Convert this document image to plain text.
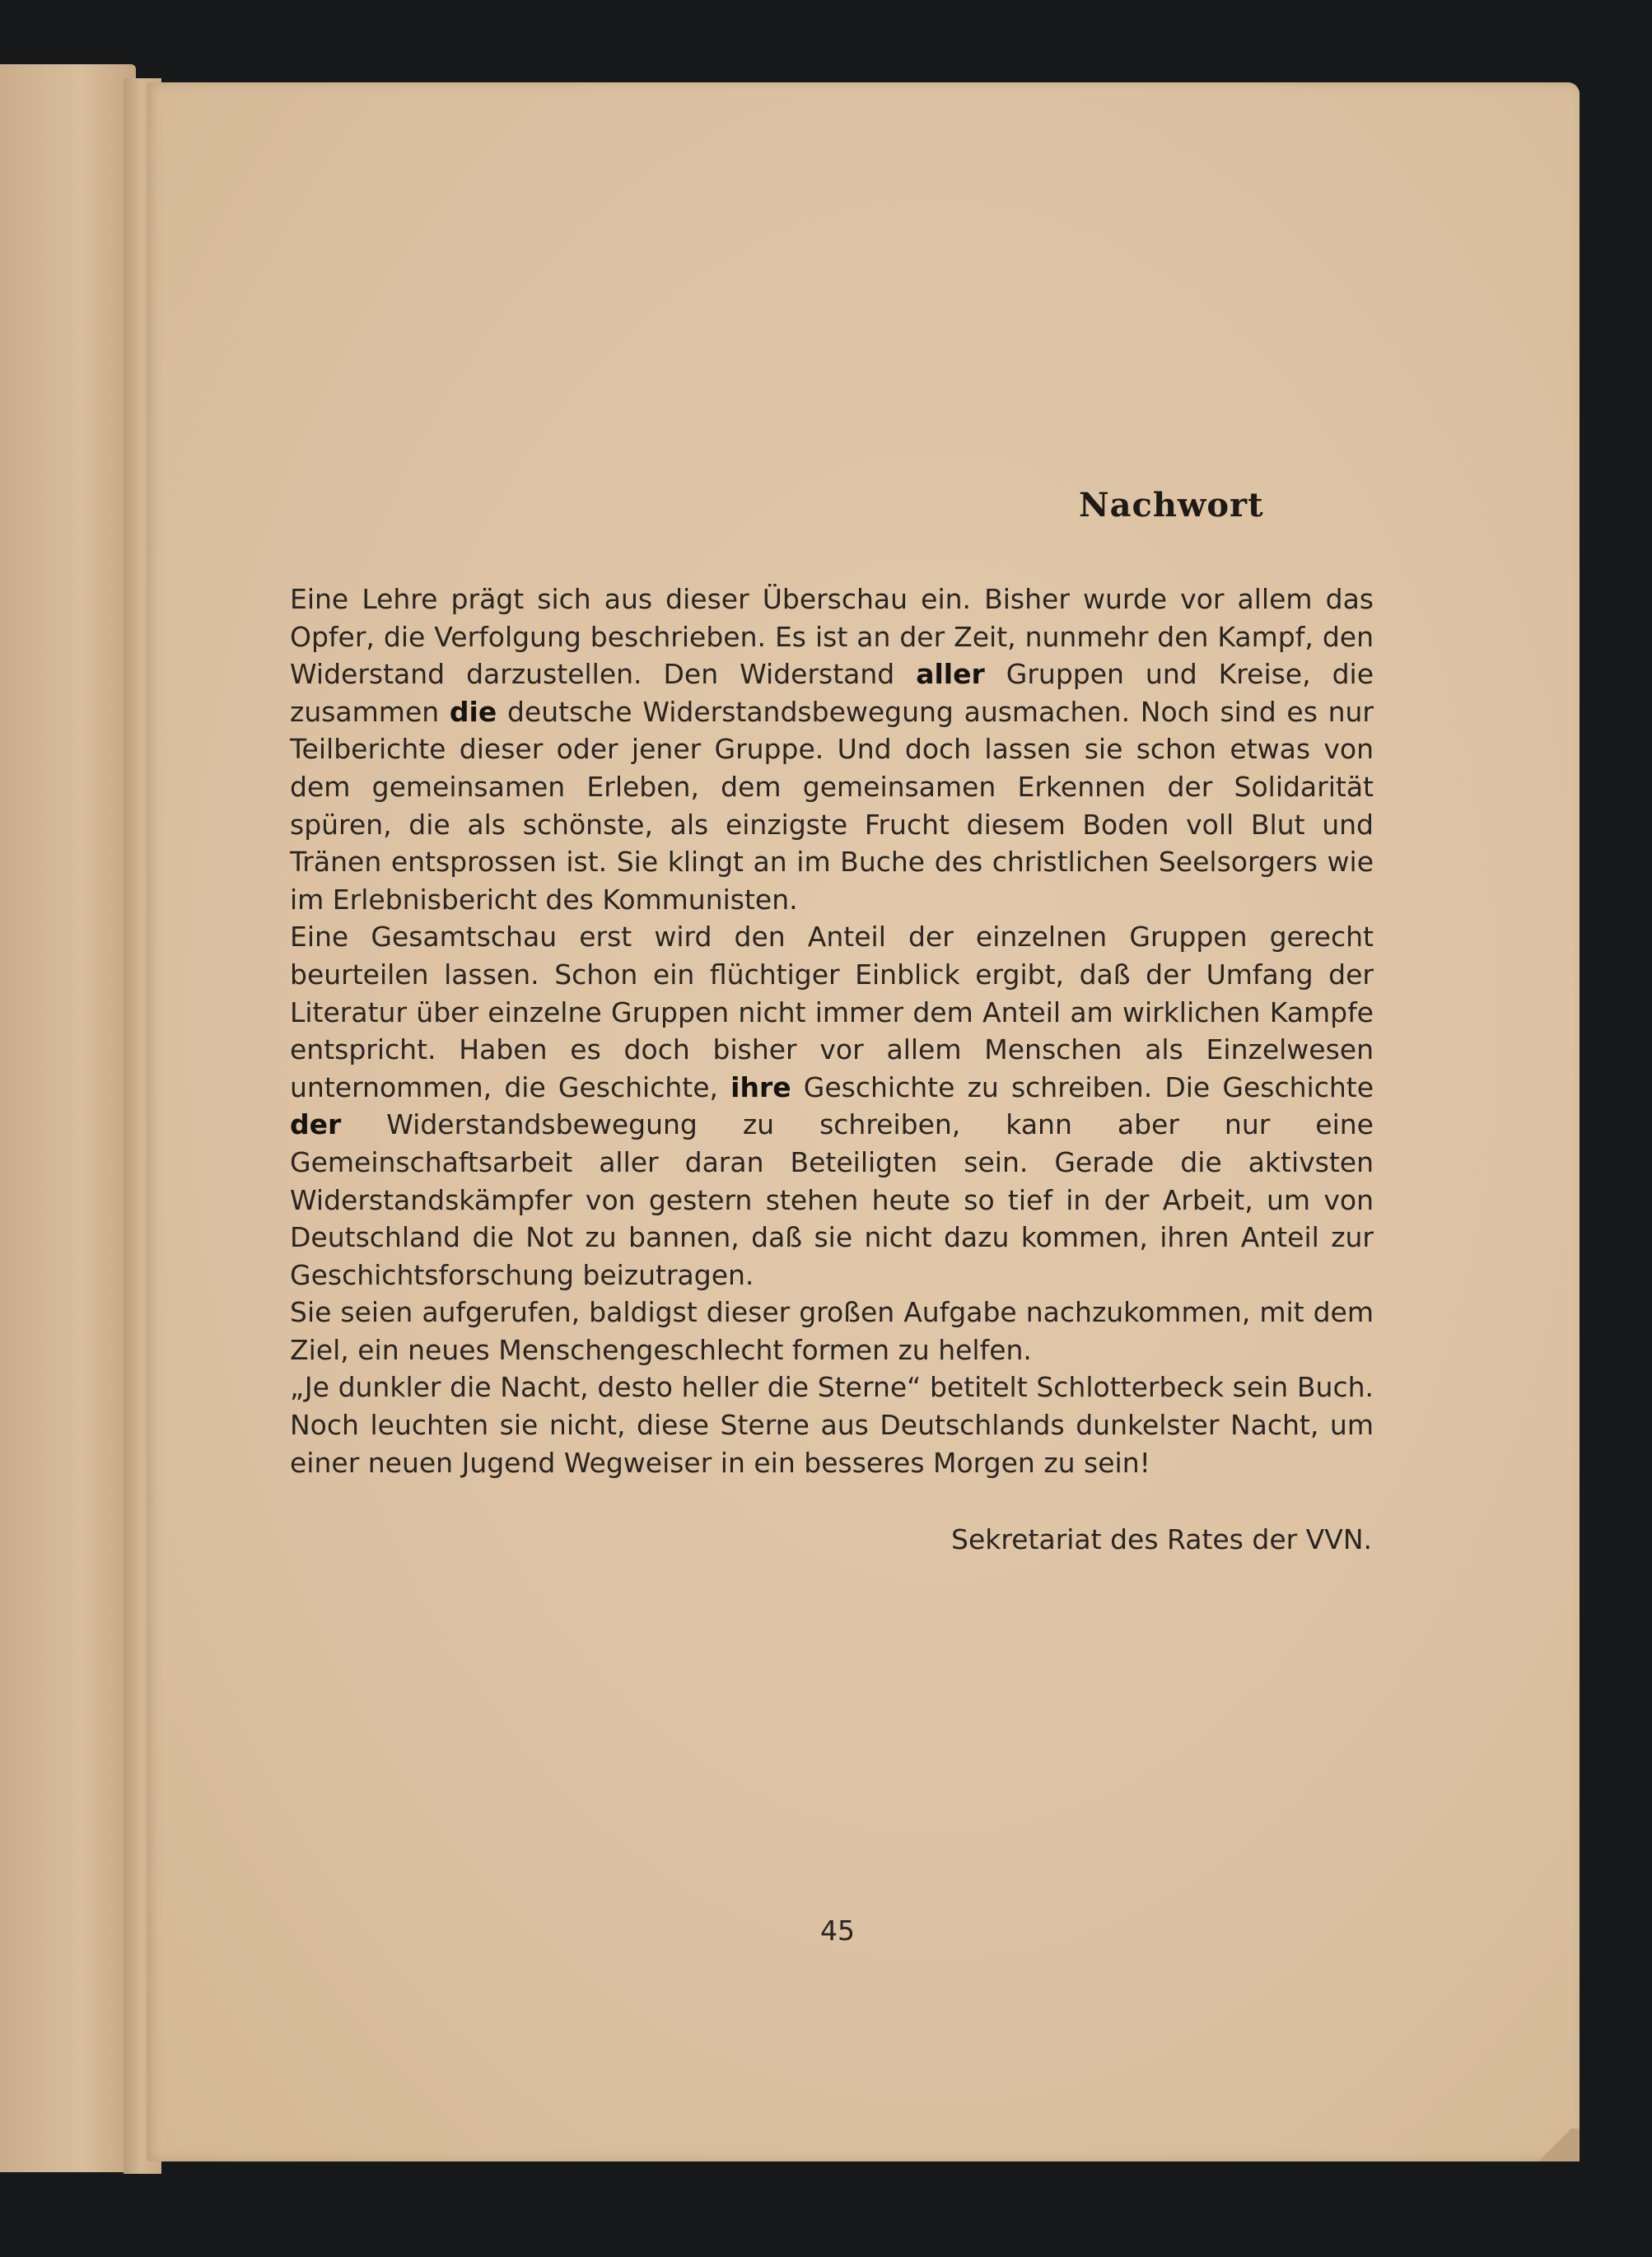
Nachwort

Eine Lehre prägt sich aus dieser Überschau ein. Bisher wurde vor allem das Opfer, die Verfolgung beschrieben. Es ist an der Zeit, nunmehr den Kampf, den Widerstand darzustellen. Den Widerstand aller Gruppen und Kreise, die zusammen die deutsche Widerstandsbewegung ausmachen. Noch sind es nur Teilberichte dieser oder jener Gruppe. Und doch lassen sie schon etwas von dem gemeinsamen Erleben, dem gemeinsamen Erkennen der Solidarität spüren, die als schönste, als einzigste Frucht diesem Boden voll Blut und Tränen entsprossen ist. Sie klingt an im Buche des christlichen Seelsorgers wie im Erlebnisbericht des Kommunisten.

Eine Gesamtschau erst wird den Anteil der einzelnen Gruppen gerecht beurteilen lassen. Schon ein flüchtiger Einblick ergibt, daß der Umfang der Literatur über einzelne Gruppen nicht immer dem Anteil am wirklichen Kampfe entspricht. Haben es doch bisher vor allem Menschen als Einzelwesen unternommen, die Geschichte, ihre Geschichte zu schreiben. Die Geschichte der Widerstandsbewegung zu schreiben, kann aber nur eine Gemeinschaftsarbeit aller daran Beteiligten sein. Gerade die aktivsten Widerstandskämpfer von gestern stehen heute so tief in der Arbeit, um von Deutschland die Not zu bannen, daß sie nicht dazu kommen, ihren Anteil zur Geschichtsforschung beizutragen.

Sie seien aufgerufen, baldigst dieser großen Aufgabe nachzukommen, mit dem Ziel, ein neues Menschengeschlecht formen zu helfen.

„Je dunkler die Nacht, desto heller die Sterne“ betitelt Schlotterbeck sein Buch. Noch leuchten sie nicht, diese Sterne aus Deutschlands dunkelster Nacht, um einer neuen Jugend Wegweiser in ein besseres Morgen zu sein!

Sekretariat des Rates der VVN.

45
